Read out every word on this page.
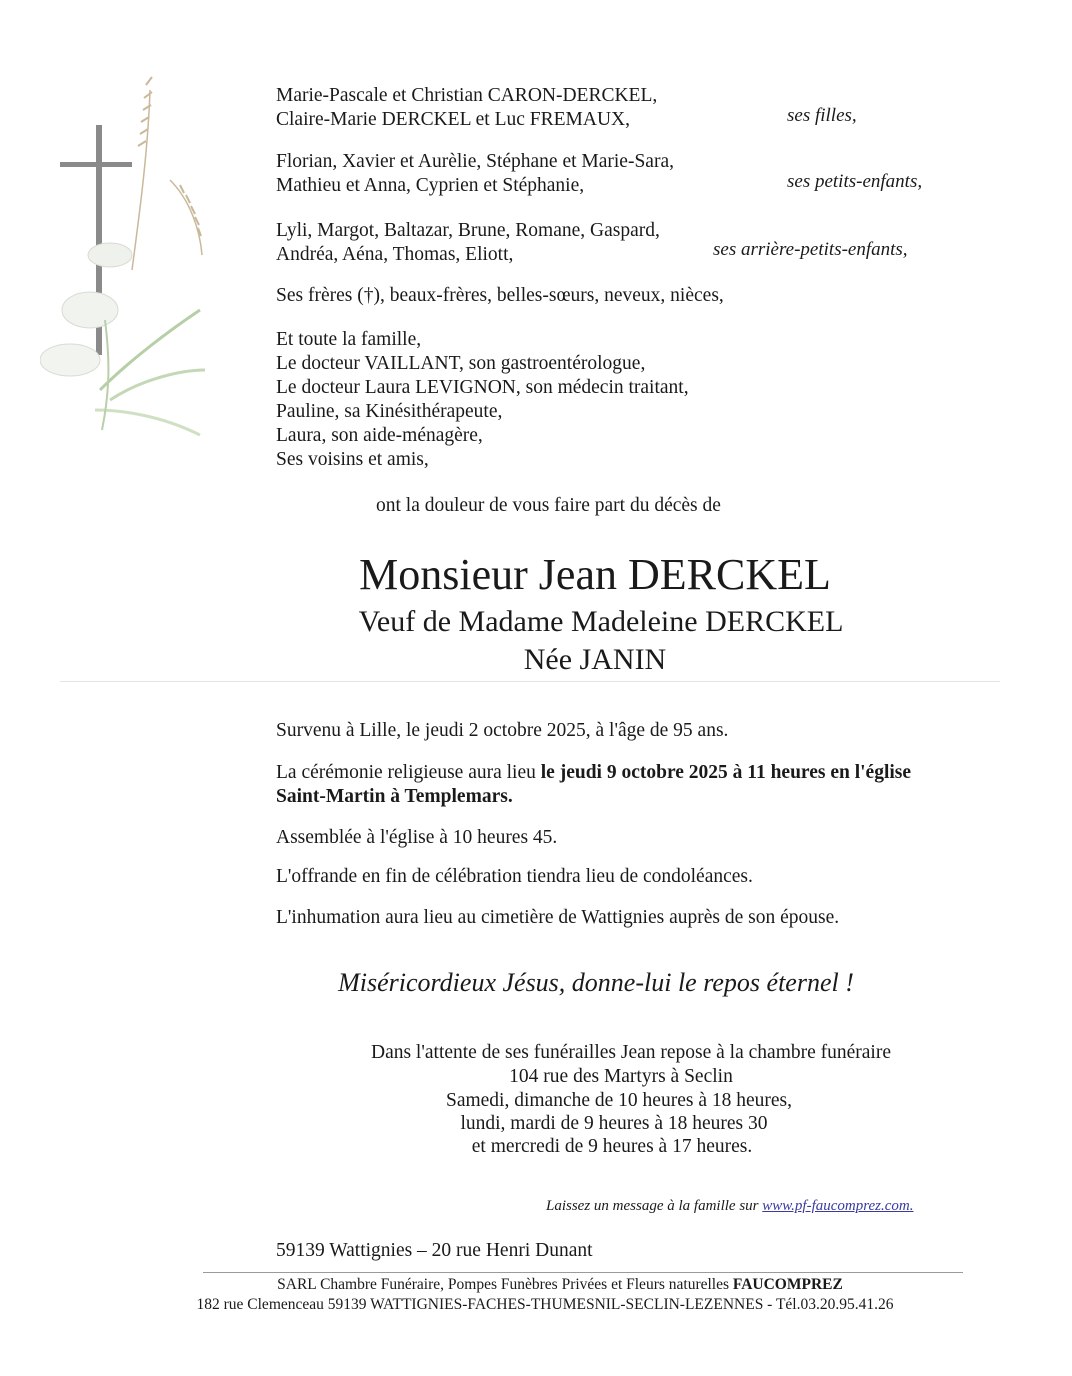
Marie-Pascale et Christian CARON-DERCKEL,
Claire-Marie DERCKEL et Luc FREMAUX,	ses filles,
Florian, Xavier et Aurèlie, Stéphane et Marie-Sara,
Mathieu et Anna, Cyprien et Stéphanie,	ses petits-enfants,
Lyli, Margot, Baltazar, Brune, Romane, Gaspard,
Andréa, Aéna, Thomas, Eliott,	ses arrière-petits-enfants,
Ses frères (†), beaux-frères, belles-sœurs, neveux, nièces,
Et toute la famille,
Le docteur VAILLANT, son gastroentérologue,
Le docteur Laura LEVIGNON, son médecin traitant,
Pauline, sa Kinésithérapeute,
Laura, son aide-ménagère,
Ses voisins et amis,
ont la douleur de vous faire part du décès de
Monsieur Jean DERCKEL
Veuf de Madame Madeleine DERCKEL
Née JANIN
Survenu à Lille, le jeudi 2 octobre 2025, à l'âge de 95 ans.
La cérémonie religieuse aura lieu le jeudi 9 octobre 2025 à 11 heures en l'église
Saint-Martin à Templemars.
Assemblée à l'église à 10 heures 45.
L'offrande en fin de célébration tiendra lieu de condoléances.
L'inhumation aura lieu au cimetière de Wattignies auprès de son épouse.
Miséricordieux Jésus, donne-lui le repos éternel !
Dans l'attente de ses funérailles Jean repose à la chambre funéraire
104 rue des Martyrs à Seclin
Samedi, dimanche de 10 heures à 18 heures,
lundi, mardi de 9 heures à 18 heures 30
et mercredi de 9 heures à 17 heures.
Laissez un message à la famille sur www.pf-faucomprez.com.
59139 Wattignies – 20 rue Henri Dunant
SARL Chambre Funéraire, Pompes Funèbres Privées et Fleurs naturelles FAUCOMPREZ
182 rue Clemenceau 59139 WATTIGNIES-FACHES-THUMESNIL-SECLIN-LEZENNES - Tél.03.20.95.41.26
